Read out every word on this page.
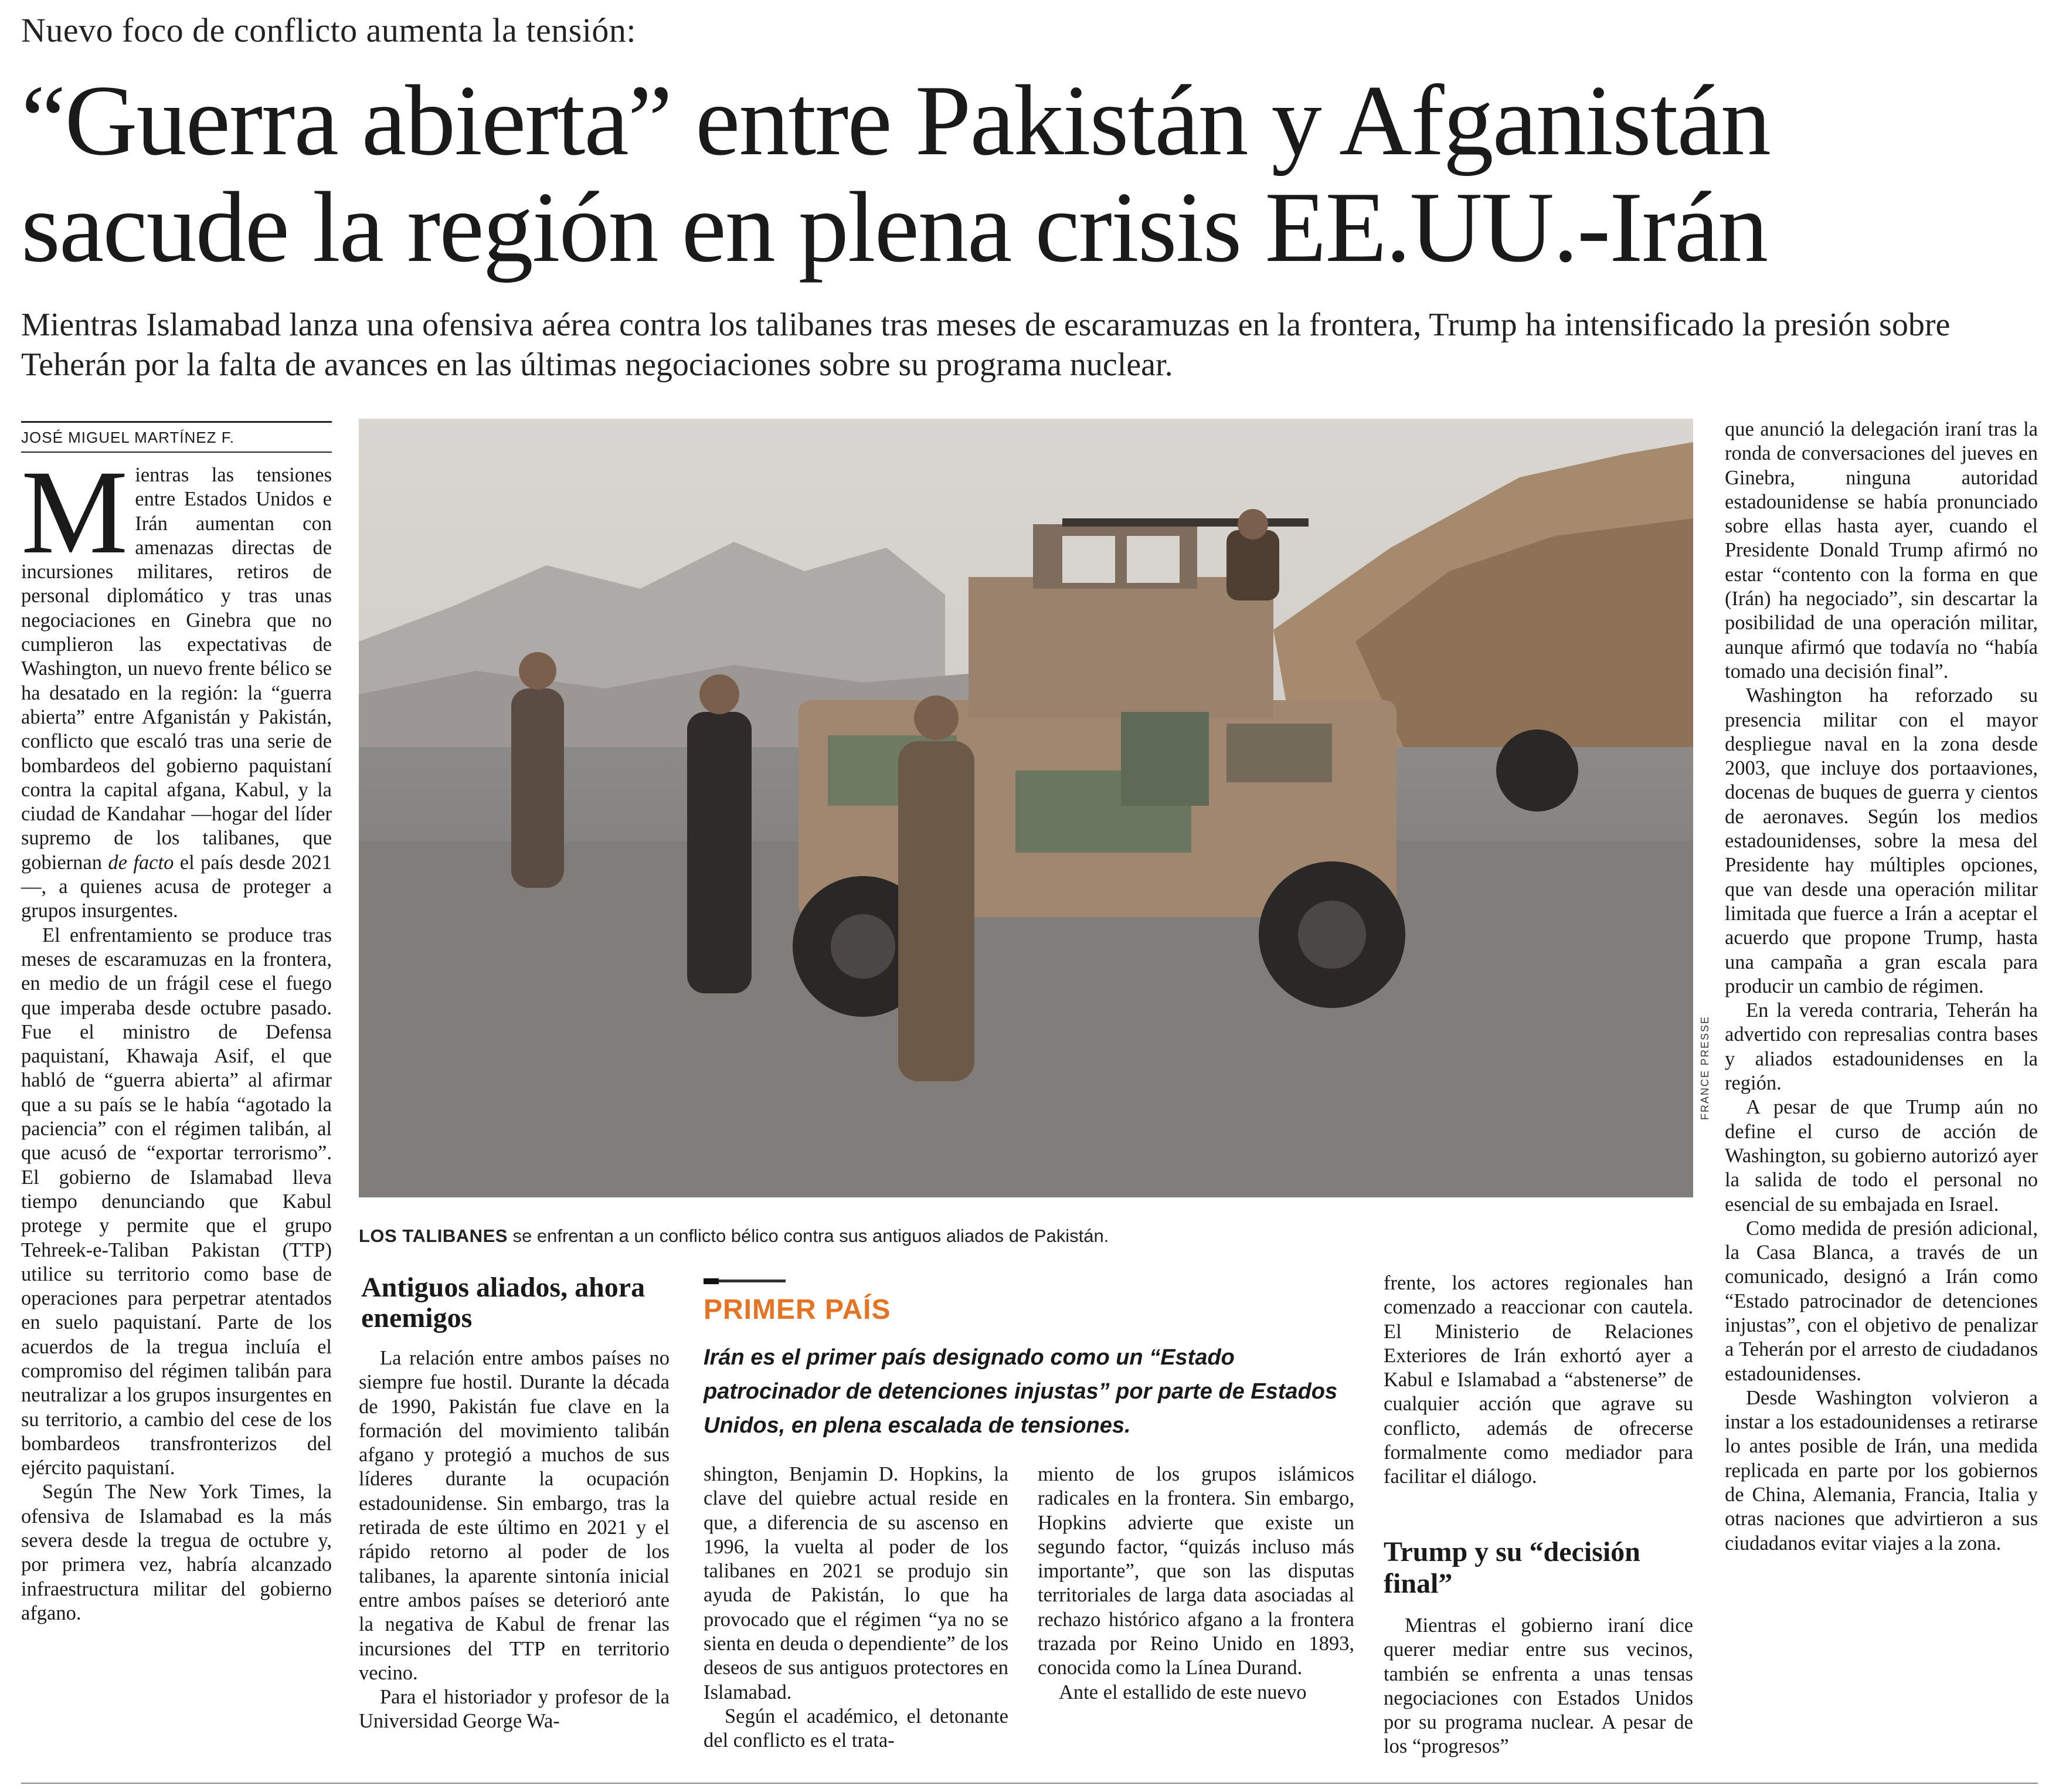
Nuevo foco de conflicto aumenta la tensión:
“Guerra abierta” entre Pakistán y Afganistán
sacude la región en plena crisis EE.UU.-Irán
Mientras Islamabad lanza una ofensiva aérea contra los talibanes tras meses de escaramuzas en la frontera, Trump ha intensificado la presión sobre Teherán por la falta de avances en las últimas negociaciones sobre su programa nuclear.
JOSÉ MIGUEL MARTÍNEZ F.

Mientras las tensiones entre Estados Unidos e Irán aumentan con amenazas directas de incursiones militares, retiros de personal diplomático y tras unas negociaciones en Ginebra que no cumplieron las expectativas de Washington, un nuevo frente bélico se ha desatado en la región: la “guerra abierta” entre Afganistán y Pakistán, conflicto que escaló tras una serie de bombardeos del gobierno paquistaní contra la capital afgana, Kabul, y la ciudad de Kandahar —hogar del líder supremo de los talibanes, que gobiernan de facto el país desde 2021—, a quienes acusa de proteger a grupos insurgentes.

El enfrentamiento se produce tras meses de escaramuzas en la frontera, en medio de un frágil cese el fuego que imperaba desde octubre pasado. Fue el ministro de Defensa paquistaní, Khawaja Asif, el que habló de “guerra abierta” al afirmar que a su país se le había “agotado la paciencia” con el régimen talibán, al que acusó de “exportar terrorismo”. El gobierno de Islamabad lleva tiempo denunciando que Kabul protege y permite que el grupo Tehreek-e-Taliban Pakistan (TTP) utilice su territorio como base de operaciones para perpetrar atentados en suelo paquistaní. Parte de los acuerdos de la tregua incluía el compromiso del régimen talibán para neutralizar a los grupos insurgentes en su territorio, a cambio del cese de los bombardeos transfronterizos del ejército paquistaní.

Según The New York Times, la ofensiva de Islamabad es la más severa desde la tregua de octubre y, por primera vez, habría alcanzado infraestructura militar del gobierno afgano.

FRANCE PRESSE
LOS TALIBANES se enfrentan a un conflicto bélico contra sus antiguos aliados de Pakistán.
Antiguos aliados, ahora enemigos

La relación entre ambos países no siempre fue hostil. Durante la década de 1990, Pakistán fue clave en la formación del movimiento talibán afgano y protegió a muchos de sus líderes durante la ocupación estadounidense. Sin embargo, tras la retirada de este último en 2021 y el rápido retorno al poder de los talibanes, la aparente sintonía inicial entre ambos países se deterioró ante la negativa de Kabul de frenar las incursiones del TTP en territorio vecino.

Para el historiador y profesor de la Universidad George Wa-

PRIMER PAÍS
Irán es el primer país designado como un “Estado patrocinador de detenciones injustas” por parte de Estados Unidos, en plena escalada de tensiones.

shington, Benjamin D. Hopkins, la clave del quiebre actual reside en que, a diferencia de su ascenso en 1996, la vuelta al poder de los talibanes en 2021 se produjo sin ayuda de Pakistán, lo que ha provocado que el régimen “ya no se sienta en deuda o dependiente” de los deseos de sus antiguos protectores en Islamabad.

Según el académico, el detonante del conflicto es el trata-

miento de los grupos islámicos radicales en la frontera. Sin embargo, Hopkins advierte que existe un segundo factor, “quizás incluso más importante”, que son las disputas territoriales de larga data asociadas al rechazo histórico afgano a la frontera trazada por Reino Unido en 1893, conocida como la Línea Durand.

Ante el estallido de este nuevo

frente, los actores regionales han comenzado a reaccionar con cautela. El Ministerio de Relaciones Exteriores de Irán exhortó ayer a Kabul e Islamabad a “abstenerse” de cualquier acción que agrave su conflicto, además de ofrecerse formalmente como mediador para facilitar el diálogo.

Trump y su “decisión final”

Mientras el gobierno iraní dice querer mediar entre sus vecinos, también se enfrenta a unas tensas negociaciones con Estados Unidos por su programa nuclear. A pesar de los “progresos”

que anunció la delegación iraní tras la ronda de conversaciones del jueves en Ginebra, ninguna autoridad estadounidense se había pronunciado sobre ellas hasta ayer, cuando el Presidente Donald Trump afirmó no estar “contento con la forma en que (Irán) ha negociado”, sin descartar la posibilidad de una operación militar, aunque afirmó que todavía no “había tomado una decisión final”.

Washington ha reforzado su presencia militar con el mayor despliegue naval en la zona desde 2003, que incluye dos portaaviones, docenas de buques de guerra y cientos de aeronaves. Según los medios estadounidenses, sobre la mesa del Presidente hay múltiples opciones, que van desde una operación militar limitada que fuerce a Irán a aceptar el acuerdo que propone Trump, hasta una campaña a gran escala para producir un cambio de régimen.

En la vereda contraria, Teherán ha advertido con represalias contra bases y aliados estadounidenses en la región.

A pesar de que Trump aún no define el curso de acción de Washington, su gobierno autorizó ayer la salida de todo el personal no esencial de su embajada en Israel.

Como medida de presión adicional, la Casa Blanca, a través de un comunicado, designó a Irán como “Estado patrocinador de detenciones injustas”, con el objetivo de penalizar a Teherán por el arresto de ciudadanos estadounidenses.

Desde Washington volvieron a instar a los estadounidenses a retirarse lo antes posible de Irán, una medida replicada en parte por los gobiernos de China, Alemania, Francia, Italia y otras naciones que advirtieron a sus ciudadanos evitar viajes a la zona.
